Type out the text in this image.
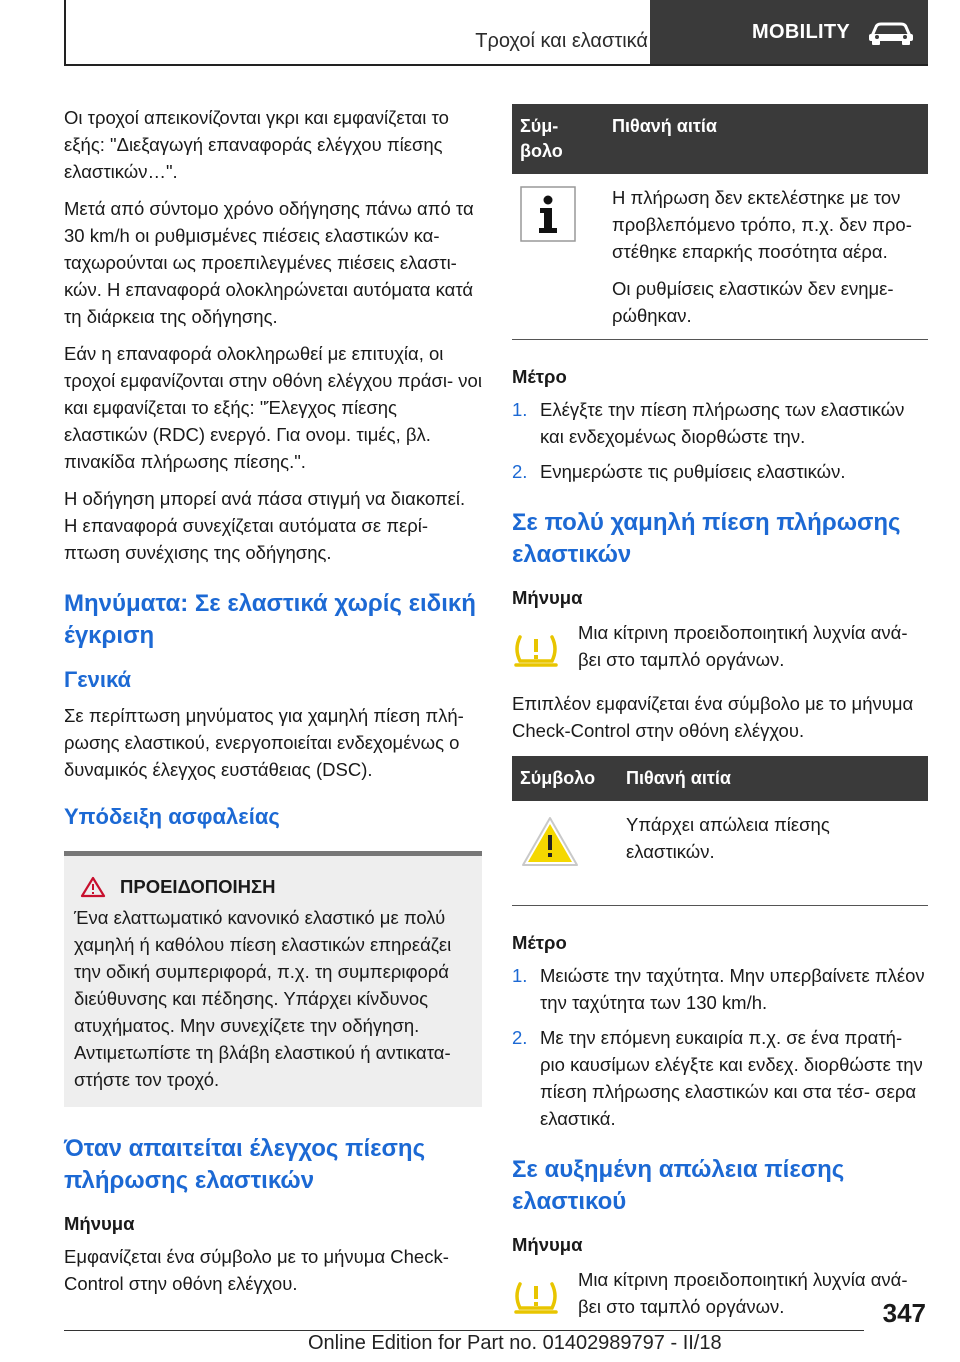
Τροχοί και ελαστικά	MOBILITY

Οι τροχοί απεικονίζονται γκρι και εμφανίζεται το εξής: "Διεξαγωγή επαναφοράς ελέγχου πίεσης ελαστικών…".

Μετά από σύντομο χρόνο οδήγησης πάνω από τα 30 km/h οι ρυθμισμένες πιέσεις ελαστικών κα‐ ταχωρούνται ως προεπιλεγμένες πιέσεις ελαστι‐ κών. Η επαναφορά ολοκληρώνεται αυτόματα κατά τη διάρκεια της οδήγησης.

Εάν η επαναφορά ολοκληρωθεί με επιτυχία, οι τροχοί εμφανίζονται στην οθόνη ελέγχου πράσι‐ νοι και εμφανίζεται το εξής: "Έλεγχος πίεσης ελαστικών (RDC) ενεργό. Για ονομ. τιμές, βλ. πινακίδα πλήρωσης πίεσης.".

Η οδήγηση μπορεί ανά πάσα στιγμή να διακοπεί. Η επαναφορά συνεχίζεται αυτόματα σε περί‐ πτωση συνέχισης της οδήγησης.

Μηνύματα: Σε ελαστικά χωρίς ειδική έγκριση
Γενικά

Σε περίπτωση μηνύματος για χαμηλή πίεση πλή‐ ρωσης ελαστικού, ενεργοποιείται ενδεχομένως ο δυναμικός έλεγχος ευστάθειας (DSC).

Υπόδειξη ασφαλείας
ΠΡΟΕΙΔΟΠΟΙΗΣΗ

Ένα ελαττωματικό κανονικό ελαστικό με πολύ χαμηλή ή καθόλου πίεση ελαστικών επηρεάζει την οδική συμπεριφορά, π.χ. τη συμπεριφορά διεύθυνσης και πέδησης. Υπάρχει κίνδυνος ατυχήματος. Μην συνεχίζετε την οδήγηση. Αντιμετωπίστε τη βλάβη ελαστικού ή αντικατα‐ στήστε τον τροχό.

Όταν απαιτείται έλεγχος πίεσης πλήρωσης ελαστικών
Μήνυμα

Εμφανίζεται ένα σύμβολο με το μήνυμα Check-Control στην οθόνη ελέγχου.

Σύμ‐ βολο	Πιθανή αιτία

Η πλήρωση δεν εκτελέστηκε με τον προβλεπόμενο τρόπο, π.χ. δεν προ‐ στέθηκε επαρκής ποσότητα αέρα.

Οι ρυθμίσεις ελαστικών δεν ενημε‐ ρώθηκαν.

Μέτρο
1. Ελέγξτε την πίεση πλήρωσης των ελαστικών και ενδεχομένως διορθώστε την.
2. Ενημερώστε τις ρυθμίσεις ελαστικών.
Σε πολύ χαμηλή πίεση πλήρωσης ελαστικών
Μήνυμα

Μια κίτρινη προειδοποιητική λυχνία ανά‐ βει στο ταμπλό οργάνων.

Επιπλέον εμφανίζεται ένα σύμβολο με το μήνυμα Check-Control στην οθόνη ελέγχου.

Σύμβολο	Πιθανή αιτία

Υπάρχει απώλεια πίεσης ελαστικών.

Μέτρο
1. Μειώστε την ταχύτητα. Μην υπερβαίνετε πλέον την ταχύτητα των 130 km/h.
2. Με την επόμενη ευκαιρία π.χ. σε ένα πρατή‐ ριο καυσίμων ελέγξτε και ενδεχ. διορθώστε την πίεση πλήρωσης ελαστικών και στα τέσ‐ σερα ελαστικά.
Σε αυξημένη απώλεια πίεσης ελαστικού
Μήνυμα

Μια κίτρινη προειδοποιητική λυχνία ανά‐ βει στο ταμπλό οργάνων.	347
Online Edition for Part no. 01402989797 - II/18
